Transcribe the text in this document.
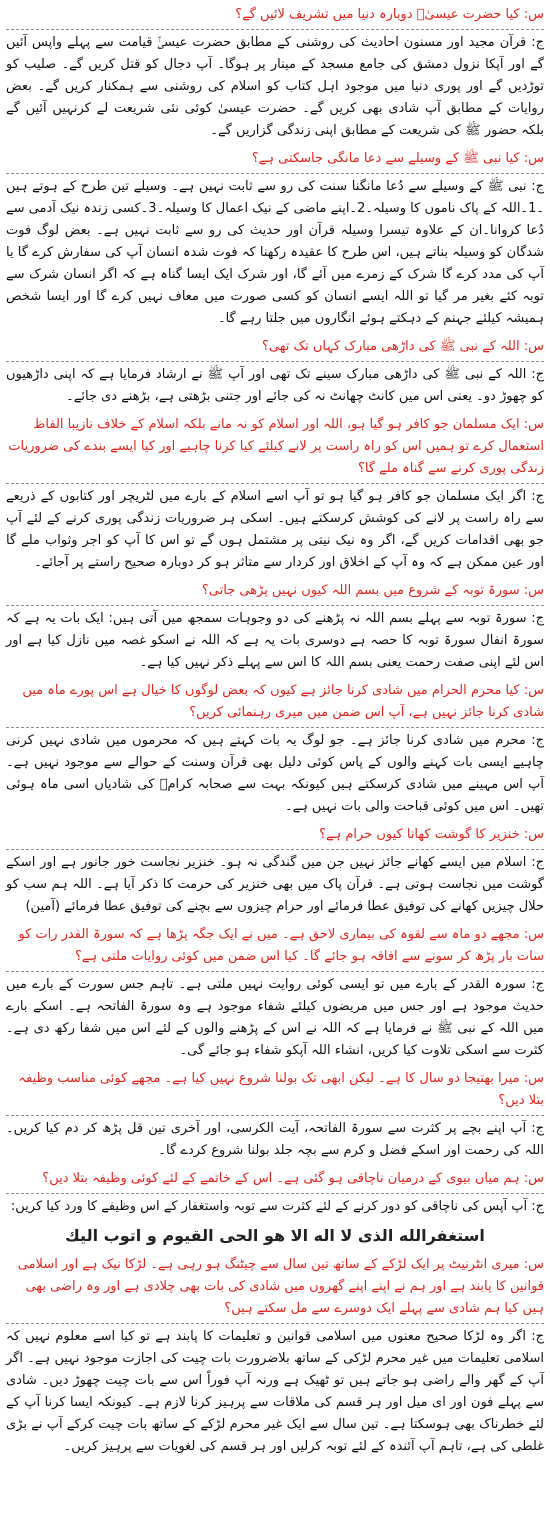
س: کیا حضرت عیسیٰؑ دوبارہ دنیا میں تشریف لائیں گے؟

ج: قرآن مجید اور مسنون احادیث کی روشنی کے مطابق حضرت عیسیٰؑ قیامت سے پہلے واپس آئیں گے اور آپکا نزول دمشق کی جامع مسجد کے مینار پر ہوگا۔ آپ دجال کو قتل کریں گے۔ صلیب کو توڑدیں گے اور پوری دنیا میں موجود اہل کتاب کو اسلام کی روشنی سے ہمکنار کریں گے۔ بعض روایات کے مطابق آپ شادی بھی کریں گے۔ حضرت عیسیٰ کوئی نئی شریعت لے کرنہیں آئیں گے بلکہ حضور ﷺ کی شریعت کے مطابق اپنی زندگی گزاریں گے۔

س: کیا نبی ﷺ کے وسیلے سے دعا مانگی جاسکتی ہے؟

ج: نبی ﷺ کے وسیلے سے دُعا مانگنا سنت کی رو سے ثابت نہیں ہے۔ وسیلے تین طرح کے ہوتے ہیں ۔1۔اللہ کے پاک ناموں کا وسیلہ۔2۔اپنے ماضی کے نیک اعمال کا وسیلہ۔3۔کسی زندہ نیک آدمی سے دُعا کروانا۔ان کے علاوہ تیسرا وسیلہ قرآن اور حدیث کی رو سے ثابت نہیں ہے۔ بعض لوگ فوت شدگان کو وسیلہ بناتے ہیں، اس طرح کا عقیدہ رکھنا کہ فوت شدہ انسان آپ کی سفارش کرے گا یا آپ کی مدد کرے گا شرک کے زمرے میں آئے گا، اور شرک ایک ایسا گناہ ہے کہ اگر انسان شرک سے توبہ کئے بغیر مر گیا تو اللہ ایسے انسان کو کسی صورت میں معاف نہیں کرے گا اور ایسا شخص ہمیشہ کیلئے جہنم کے دہکتے ہوئے انگاروں میں جلتا رہے گا۔

س: اللہ کے نبی ﷺ کی داڑھی مبارک کہاں تک تھی؟

ج: اللہ کے نبی ﷺ کی داڑھی مبارک سینے تک تھی اور آپ ﷺ نے ارشاد فرمایا ہے کہ اپنی داڑھیوں کو چھوڑ دو۔ یعنی اس میں کانٹ چھانٹ نہ کی جائے اور جتنی بڑھتی ہے، بڑھنے دی جائے۔

س: ایک مسلمان جو کافر ہو گیا ہو، اللہ اور اسلام کو نہ مانے بلکہ اسلام کے خلاف نازیبا الفاظ استعمال کرے تو ہمیں اس کو راہ راست پر لانے کیلئے کیا کرنا چاہیے اور کیا ایسے بندے کی ضروریات زندگی پوری کرنے سے گناہ ملے گا؟

ج: اگر ایک مسلمان جو کافر ہو گیا ہو تو آپ اسے اسلام کے بارے میں لٹریچر اور کتابوں کے ذریعے سے راہ راست پر لانے کی کوشش کرسکتے ہیں۔ اسکی ہر ضروریات زندگی پوری کرنے کے لئے آپ جو بھی اقدامات کریں گے، اگر وہ نیک نیتی پر مشتمل ہوں گے تو اس کا آپ کو اجر وثواب ملے گا اور عین ممکن ہے کہ وہ آپ کے اخلاق اور کردار سے متاثر ہو کر دوبارہ صحیح راستے پر آجائے۔

س: سورۃ توبہ کے شروع میں بسم اللہ کیوں نہیں پڑھی جاتی؟

ج: سورۃ توبہ سے پہلے بسم اللہ نہ پڑھنے کی دو وجوہات سمجھ میں آتی ہیں: ایک بات یہ ہے کہ سورۃ انفال سورۃ توبہ کا حصہ ہے دوسری بات یہ ہے کہ اللہ نے اسکو غصہ میں نازل کیا ہے اور اس لئے اپنی صفت رحمت یعنی بسم اللہ کا اس سے پہلے ذکر نہیں کیا ہے۔

س: کیا محرم الحرام میں شادی کرنا جائز ہے کیوں کہ بعض لوگوں کا خیال ہے اس پورے ماہ میں شادی کرنا جائز نہیں ہے، آپ اس ضمن میں میری رہنمائی کریں؟

ج: محرم میں شادی کرنا جائز ہے۔ جو لوگ یہ بات کہتے ہیں کہ محرموں میں شادی نہیں کرنی چاہیے ایسی بات کہنے والوں کے پاس کوئی دلیل بھی قرآن وسنت کے حوالے سے موجود نہیں ہے۔ آپ اس مہینے میں شادی کرسکتے ہیں کیونکہ بہت سے صحابہ کرامؓ کی شادیاں اسی ماہ ہوئی تھیں۔ اس میں کوئی قباحت والی بات نہیں ہے۔

س: خنزیر کا گوشت کھانا کیوں حرام ہے؟

ج: اسلام میں ایسے کھانے جائز نہیں جن میں گندگی نہ ہو۔ خنزیر نجاست خور جانور ہے اور اسکے گوشت میں نجاست ہوتی ہے۔ قرآن پاک میں بھی خنزیر کی حرمت کا ذکر آیا ہے۔ اللہ ہم سب کو حلال چیزیں کھانے کی توفیق عطا فرمائے اور حرام چیزوں سے بچنے کی توفیق عطا فرمائے (آمین)

س: مجھے دو ماہ سے لقوہ کی بیماری لاحق ہے۔ میں نے ایک جگہ پڑھا ہے کہ سورۃ القدر رات کو سات بار پڑھ کر سونے سے افاقہ ہو جائے گا۔ کیا اس ضمن میں کوئی روایات ملتی ہے؟

ج: سورہ القدر کے بارے میں تو ایسی کوئی روایت نہیں ملتی ہے۔ تاہم جس سورت کے بارے میں حدیث موجود ہے اور جس میں مریضوں کیلئے شفاء موجود ہے وہ سورۃ الفاتحہ ہے۔ اسکے بارے میں اللہ کے نبی ﷺ نے فرمایا ہے کہ اللہ نے اس کے پڑھنے والوں کے لئے اس میں شفا رکھ دی ہے۔ کثرت سے اسکی تلاوت کیا کریں، انشاء اللہ آپکو شفاء ہو جائے گی۔

س: میرا بھتیجا دو سال کا ہے۔ لیکن ابھی تک بولنا شروع نہیں کیا ہے۔ مجھے کوئی مناسب وظیفہ بتلا دیں؟

ج: آپ اپنے بچے پر کثرت سے سورۃ الفاتحہ، آیت الکرسی، اور آخری تین قل پڑھ کر دم کیا کریں۔ اللہ کی رحمت اور اسکے فضل و کرم سے بچہ جلد بولنا شروع کردے گا۔

س: ہم میاں بیوی کے درمیان ناچاقی ہو گئی ہے۔ اس کے خاتمے کے لئے کوئی وظیفہ بتلا دیں؟

ج: آپ آپس کی ناچاقی کو دور کرنے کے لئے کثرت سے توبہ واستغفار کے اس وظیفے کا ورد کیا کریں:

استغفرالله الذی لا اله الا هو الحی القیوم و اتوب الیك

س: میری انٹرنیٹ پر ایک لڑکے کے ساتھ تین سال سے چیٹنگ ہو رہی ہے۔ لڑکا نیک ہے اور اسلامی قوانین کا پابند ہے اور ہم نے اپنے اپنے گھروں میں شادی کی بات بھی چلادی ہے اور وہ راضی بھی ہیں کیا ہم شادی سے پہلے ایک دوسرے سے مل سکتے ہیں؟

ج: اگر وہ لڑکا صحیح معنوں میں اسلامی قوانین و تعلیمات کا پابند ہے تو کیا اسے معلوم نہیں کہ اسلامی تعلیمات میں غیر محرم لڑکی کے ساتھ بلاضرورت بات چیت کی اجازت موجود نہیں ہے۔ اگر آپ کے گھر والے راضی ہو جاتے ہیں تو ٹھیک ہے ورنہ آپ فوراً اس سے بات چیت چھوڑ دیں۔ شادی سے پہلے فون اور ای میل اور ہر قسم کی ملاقات سے پرہیز کرنا لازم ہے۔ کیونکہ ایسا کرنا آپ کے لئے خطرناک بھی ہوسکتا ہے۔ تین سال سے ایک غیر محرم لڑکے کے ساتھ بات چیت کرکے آپ نے بڑی غلطی کی ہے، تاہم آپ آئندہ کے لئے توبہ کرلیں اور ہر قسم کی لغویات سے پرہیز کریں۔
